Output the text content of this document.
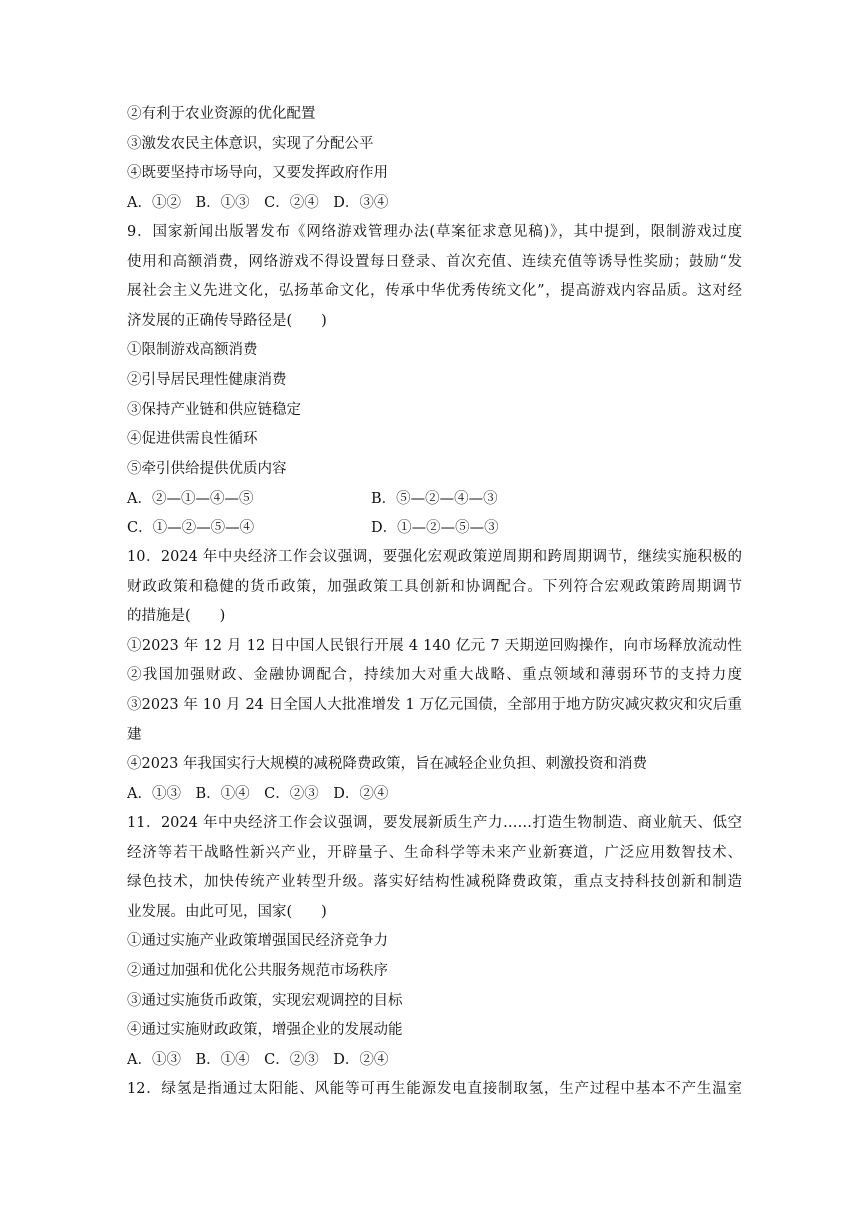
A．②—①—④—⑤	B．⑤—②—④—③
C．①—②—⑤—④	D．①—②—⑤—③
②有利于农业资源的优化配置
③激发农民主体意识，实现了分配公平
④既要坚持市场导向，又要发挥政府作用
A．①②　B．①③　C．②④　D．③④
9．国家新闻出版署发布《网络游戏管理办法(草案征求意见稿)》，其中提到，限制游戏过度
使用和高额消费，网络游戏不得设置每日登录、首次充值、连续充值等诱导性奖励；鼓励“发
展社会主义先进文化，弘扬革命文化，传承中华优秀传统文化”，提高游戏内容品质。这对经
济发展的正确传导路径是(　　)
①限制游戏高额消费
②引导居民理性健康消费
③保持产业链和供应链稳定
④促进供需良性循环
⑤牵引供给提供优质内容
10．2024 年中央经济工作会议强调，要强化宏观政策逆周期和跨周期调节，继续实施积极的
财政政策和稳健的货币政策，加强政策工具创新和协调配合。下列符合宏观政策跨周期调节
的措施是(　　)
①2023 年 12 月 12 日中国人民银行开展 4 140 亿元 7 天期逆回购操作，向市场释放流动性
②我国加强财政、金融协调配合，持续加大对重大战略、重点领域和薄弱环节的支持力度
③2023 年 10 月 24 日全国人大批准增发 1 万亿元国债，全部用于地方防灾减灾救灾和灾后重
建
④2023 年我国实行大规模的减税降费政策，旨在减轻企业负担、刺激投资和消费
A．①③　B．①④　C．②③　D．②④
11．2024 年中央经济工作会议强调，要发展新质生产力……打造生物制造、商业航天、低空
经济等若干战略性新兴产业，开辟量子、生命科学等未来产业新赛道，广泛应用数智技术、
绿色技术，加快传统产业转型升级。落实好结构性减税降费政策，重点支持科技创新和制造
业发展。由此可见，国家(　　)
①通过实施产业政策增强国民经济竞争力
②通过加强和优化公共服务规范市场秩序
③通过实施货币政策，实现宏观调控的目标
④通过实施财政政策，增强企业的发展动能
A．①③　B．①④　C．②③　D．②④
12．绿氢是指通过太阳能、风能等可再生能源发电直接制取氢，生产过程中基本不产生温室
